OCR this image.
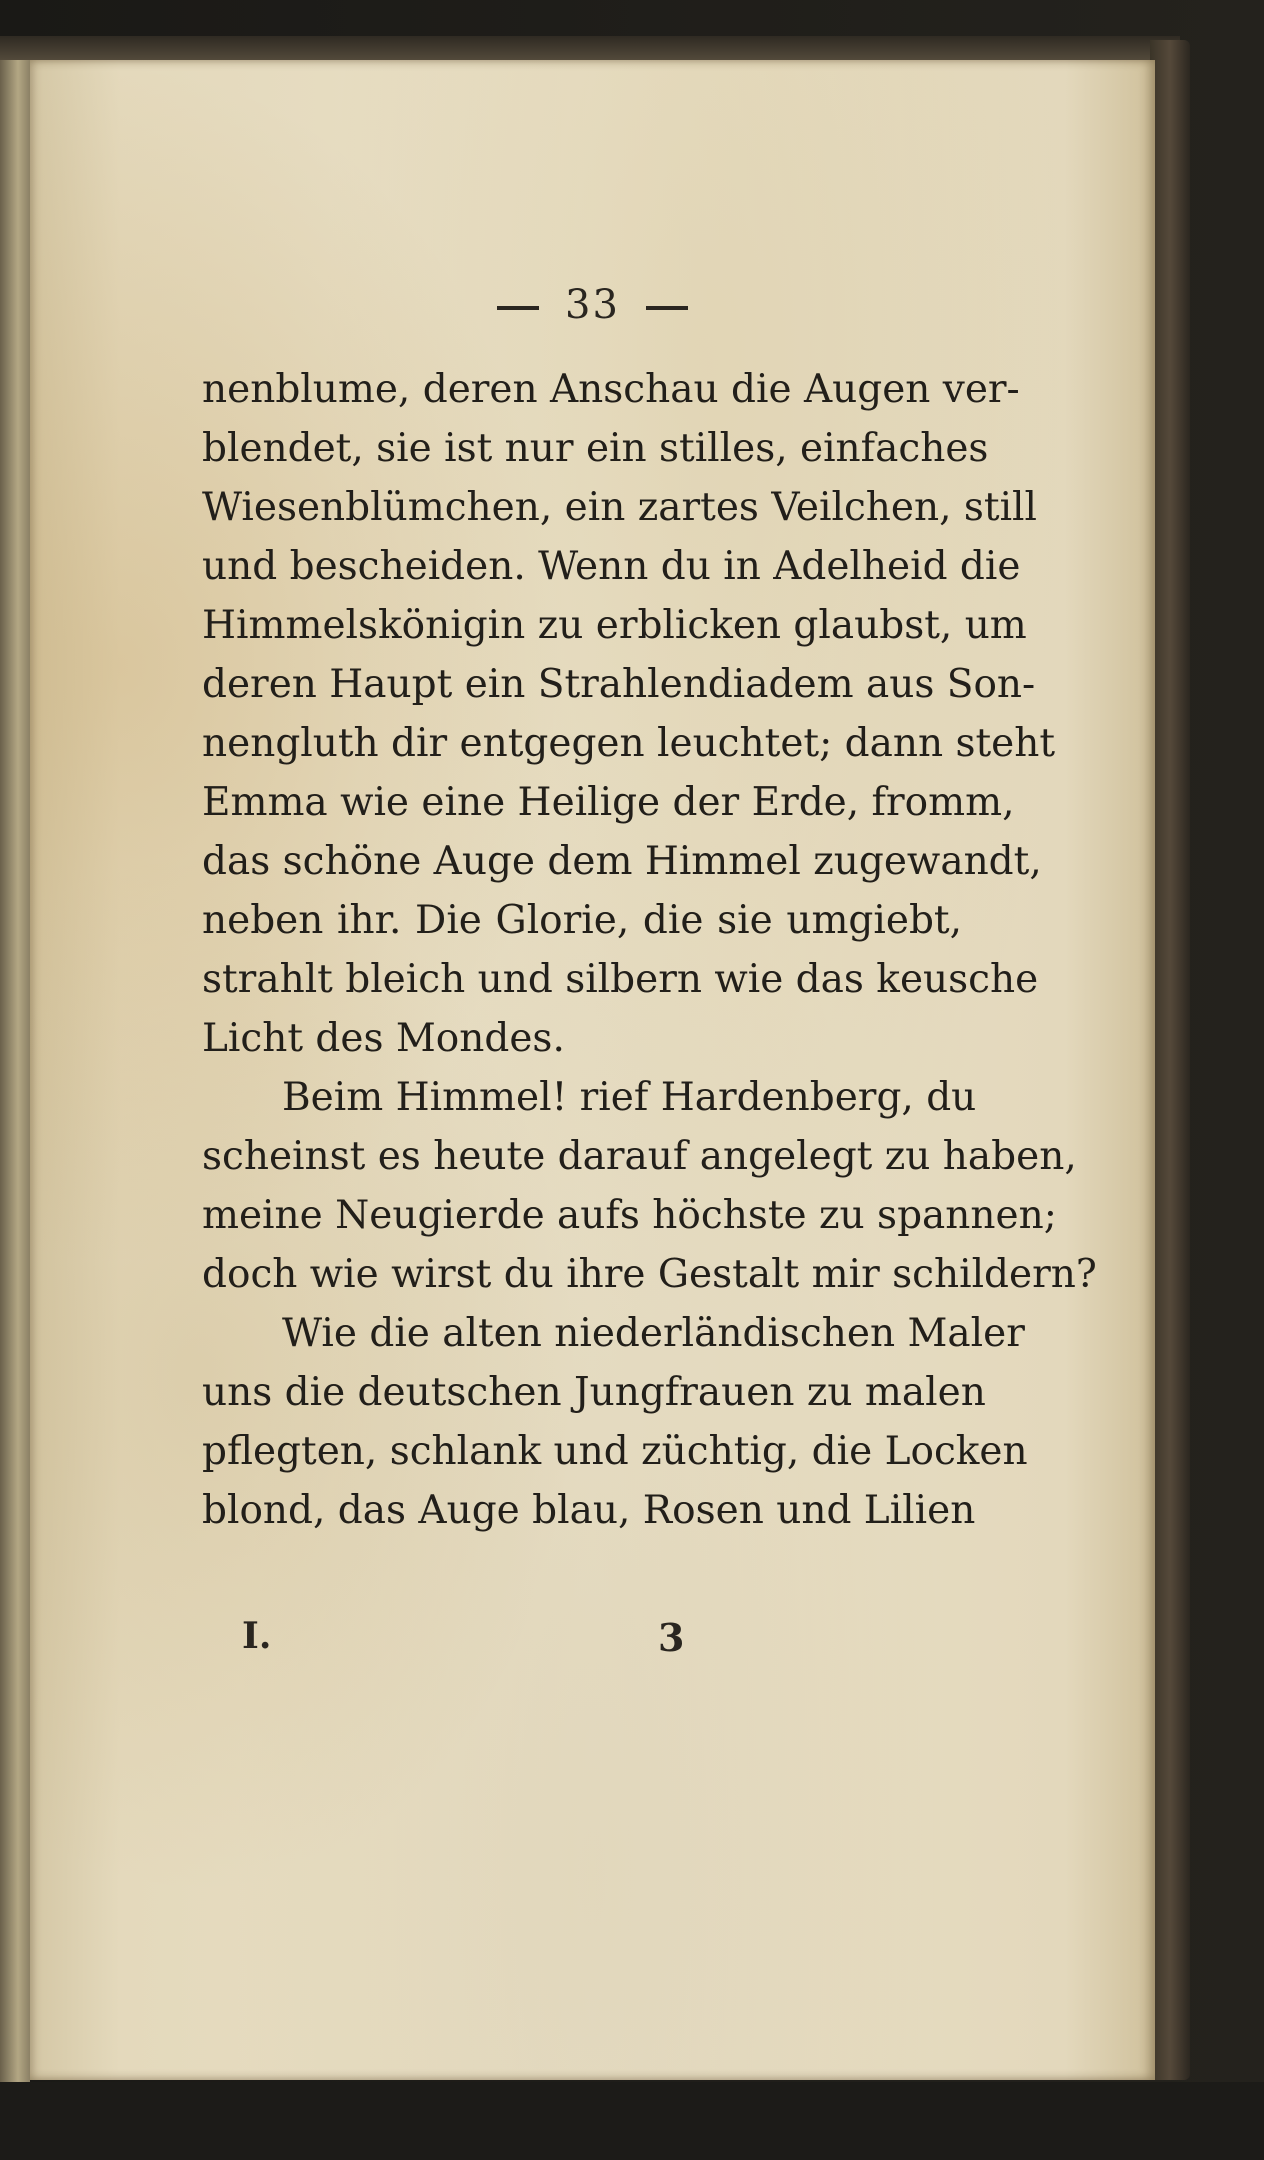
33
nenblume, deren Anschau die Augen ver-
blendet, sie ist nur ein stilles, einfaches
Wiesenblümchen, ein zartes Veilchen, still
und bescheiden. Wenn du in Adelheid die
Himmelskönigin zu erblicken glaubst, um
deren Haupt ein Strahlendiadem aus Son-
nengluth dir entgegen leuchtet; dann steht
Emma wie eine Heilige der Erde, fromm,
das schöne Auge dem Himmel zugewandt,
neben ihr. Die Glorie, die sie umgiebt,
strahlt bleich und silbern wie das keusche
Licht des Mondes.
Beim Himmel! rief Hardenberg, du
scheinst es heute darauf angelegt zu haben,
meine Neugierde aufs höchste zu spannen;
doch wie wirst du ihre Gestalt mir schildern?
Wie die alten niederländischen Maler
uns die deutschen Jungfrauen zu malen
pflegten, schlank und züchtig, die Locken
blond, das Auge blau, Rosen und Lilien
I.	3
